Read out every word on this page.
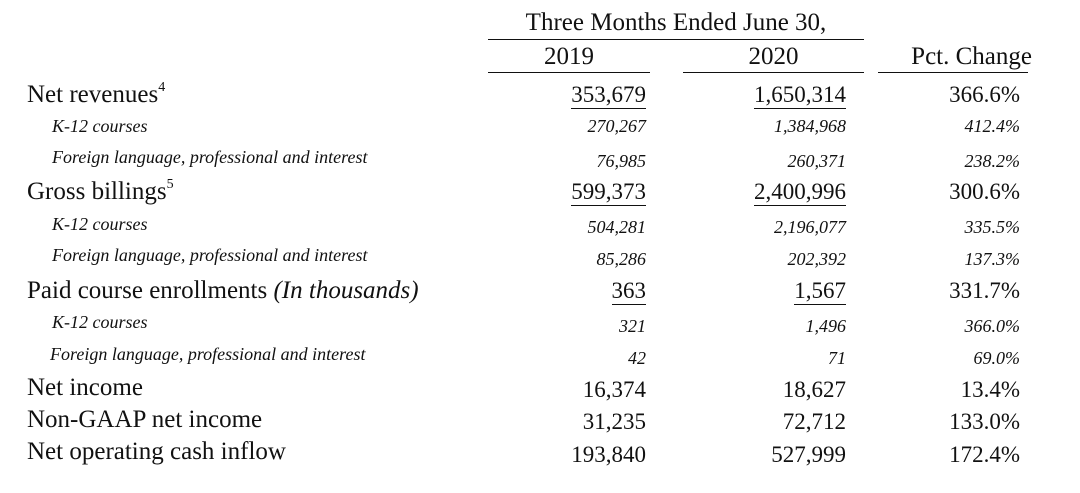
Three Months Ended June 30,
2019	2020	Pct. Change
Net revenues$^4$	353,679	1,650,314	366.6%
K-12 courses	270,267	1,384,968	412.4%
Foreign language, professional and interest	76,985	260,371	238.2%
Gross billings$^5$	599,373	2,400,996	300.6%
K-12 courses	504,281	2,196,077	335.5%
Foreign language, professional and interest	85,286	202,392	137.3%
Paid course enrollments (In thousands)	363	1,567	331.7%
K-12 courses	321	1,496	366.0%
Foreign language, professional and interest	42	71	69.0%
Net income	16,374	18,627	13.4%
Non-GAAP net income	31,235	72,712	133.0%
Net operating cash inflow	193,840	527,999	172.4%
